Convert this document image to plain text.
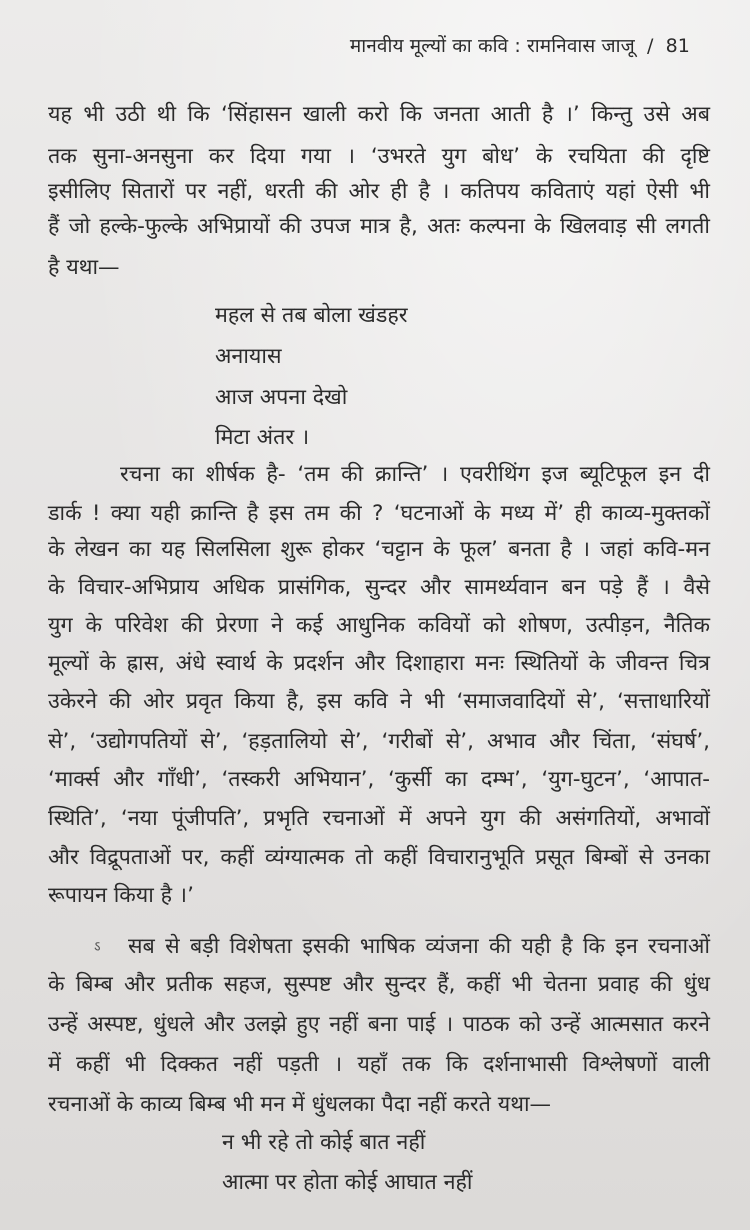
मानवीय मूल्यों का कवि : रामनिवास जाजू / 81
यह भी उठी थी कि ‘सिंहासन खाली करो कि जनता आती है ।’ किन्तु उसे अब
तक सुना-अनसुना कर दिया गया । ‘उभरते युग बोध’ के रचयिता की दृष्टि
इसीलिए सितारों पर नहीं, धरती की ओर ही है । कतिपय कविताएं यहां ऐसी भी
हैं जो हल्के-फुल्के अभिप्रायों की उपज मात्र है, अतः कल्पना के खिलवाड़ सी लगती
है यथा—
महल से तब बोला खंडहर
अनायास
आज अपना देखो
मिटा अंतर ।
रचना का शीर्षक है- ‘तम की क्रान्ति’ । एवरीथिंग इज ब्यूटिफूल इन दी
डार्क ! क्या यही क्रान्ति है इस तम की ? ‘घटनाओं के मध्य में’ ही काव्य-मुक्तकों
के लेखन का यह सिलसिला शुरू होकर ‘चट्टान के फूल’ बनता है । जहां कवि-मन
के विचार-अभिप्राय अधिक प्रासंगिक, सुन्दर और सामर्थ्यवान बन पड़े हैं । वैसे
युग के परिवेश की प्रेरणा ने कई आधुनिक कवियों को शोषण, उत्पीड़न, नैतिक
मूल्यों के ह्रास, अंधे स्वार्थ के प्रदर्शन और दिशाहारा मनः स्थितियों के जीवन्त चित्र
उकेरने की ओर प्रवृत किया है, इस कवि ने भी ‘समाजवादियों से’, ‘सत्ताधारियों
से’, ‘उद्योगपतियों से’, ‘हड़तालियो से’, ‘गरीबों से’, अभाव और चिंता, ‘संघर्ष’,
‘मार्क्स और गाँधी’, ‘तस्करी अभियान’, ‘कुर्सी का दम्भ’, ‘युग-घुटन’, ‘आपात-
स्थिति’, ‘नया पूंजीपति’, प्रभृति रचनाओं में अपने युग की असंगतियों, अभावों
और विद्रूपताओं पर, कहीं व्यंग्यात्मक तो कहीं विचारानुभूति प्रसूत बिम्बों से उनका
रूपायन किया है ।’
ऽ सब से बड़ी विशेषता इसकी भाषिक व्यंजना की यही है कि इन रचनाओं
के बिम्ब और प्रतीक सहज, सुस्पष्ट और सुन्दर हैं, कहीं भी चेतना प्रवाह की धुंध
उन्हें अस्पष्ट, धुंधले और उलझे हुए नहीं बना पाई । पाठक को उन्हें आत्मसात करने
में कहीं भी दिक्कत नहीं पड़ती । यहाँ तक कि दर्शनाभासी विश्लेषणों वाली
रचनाओं के काव्य बिम्ब भी मन में धुंधलका पैदा नहीं करते यथा—
न भी रहे तो कोई बात नहीं
आत्मा पर होता कोई आघात नहीं
